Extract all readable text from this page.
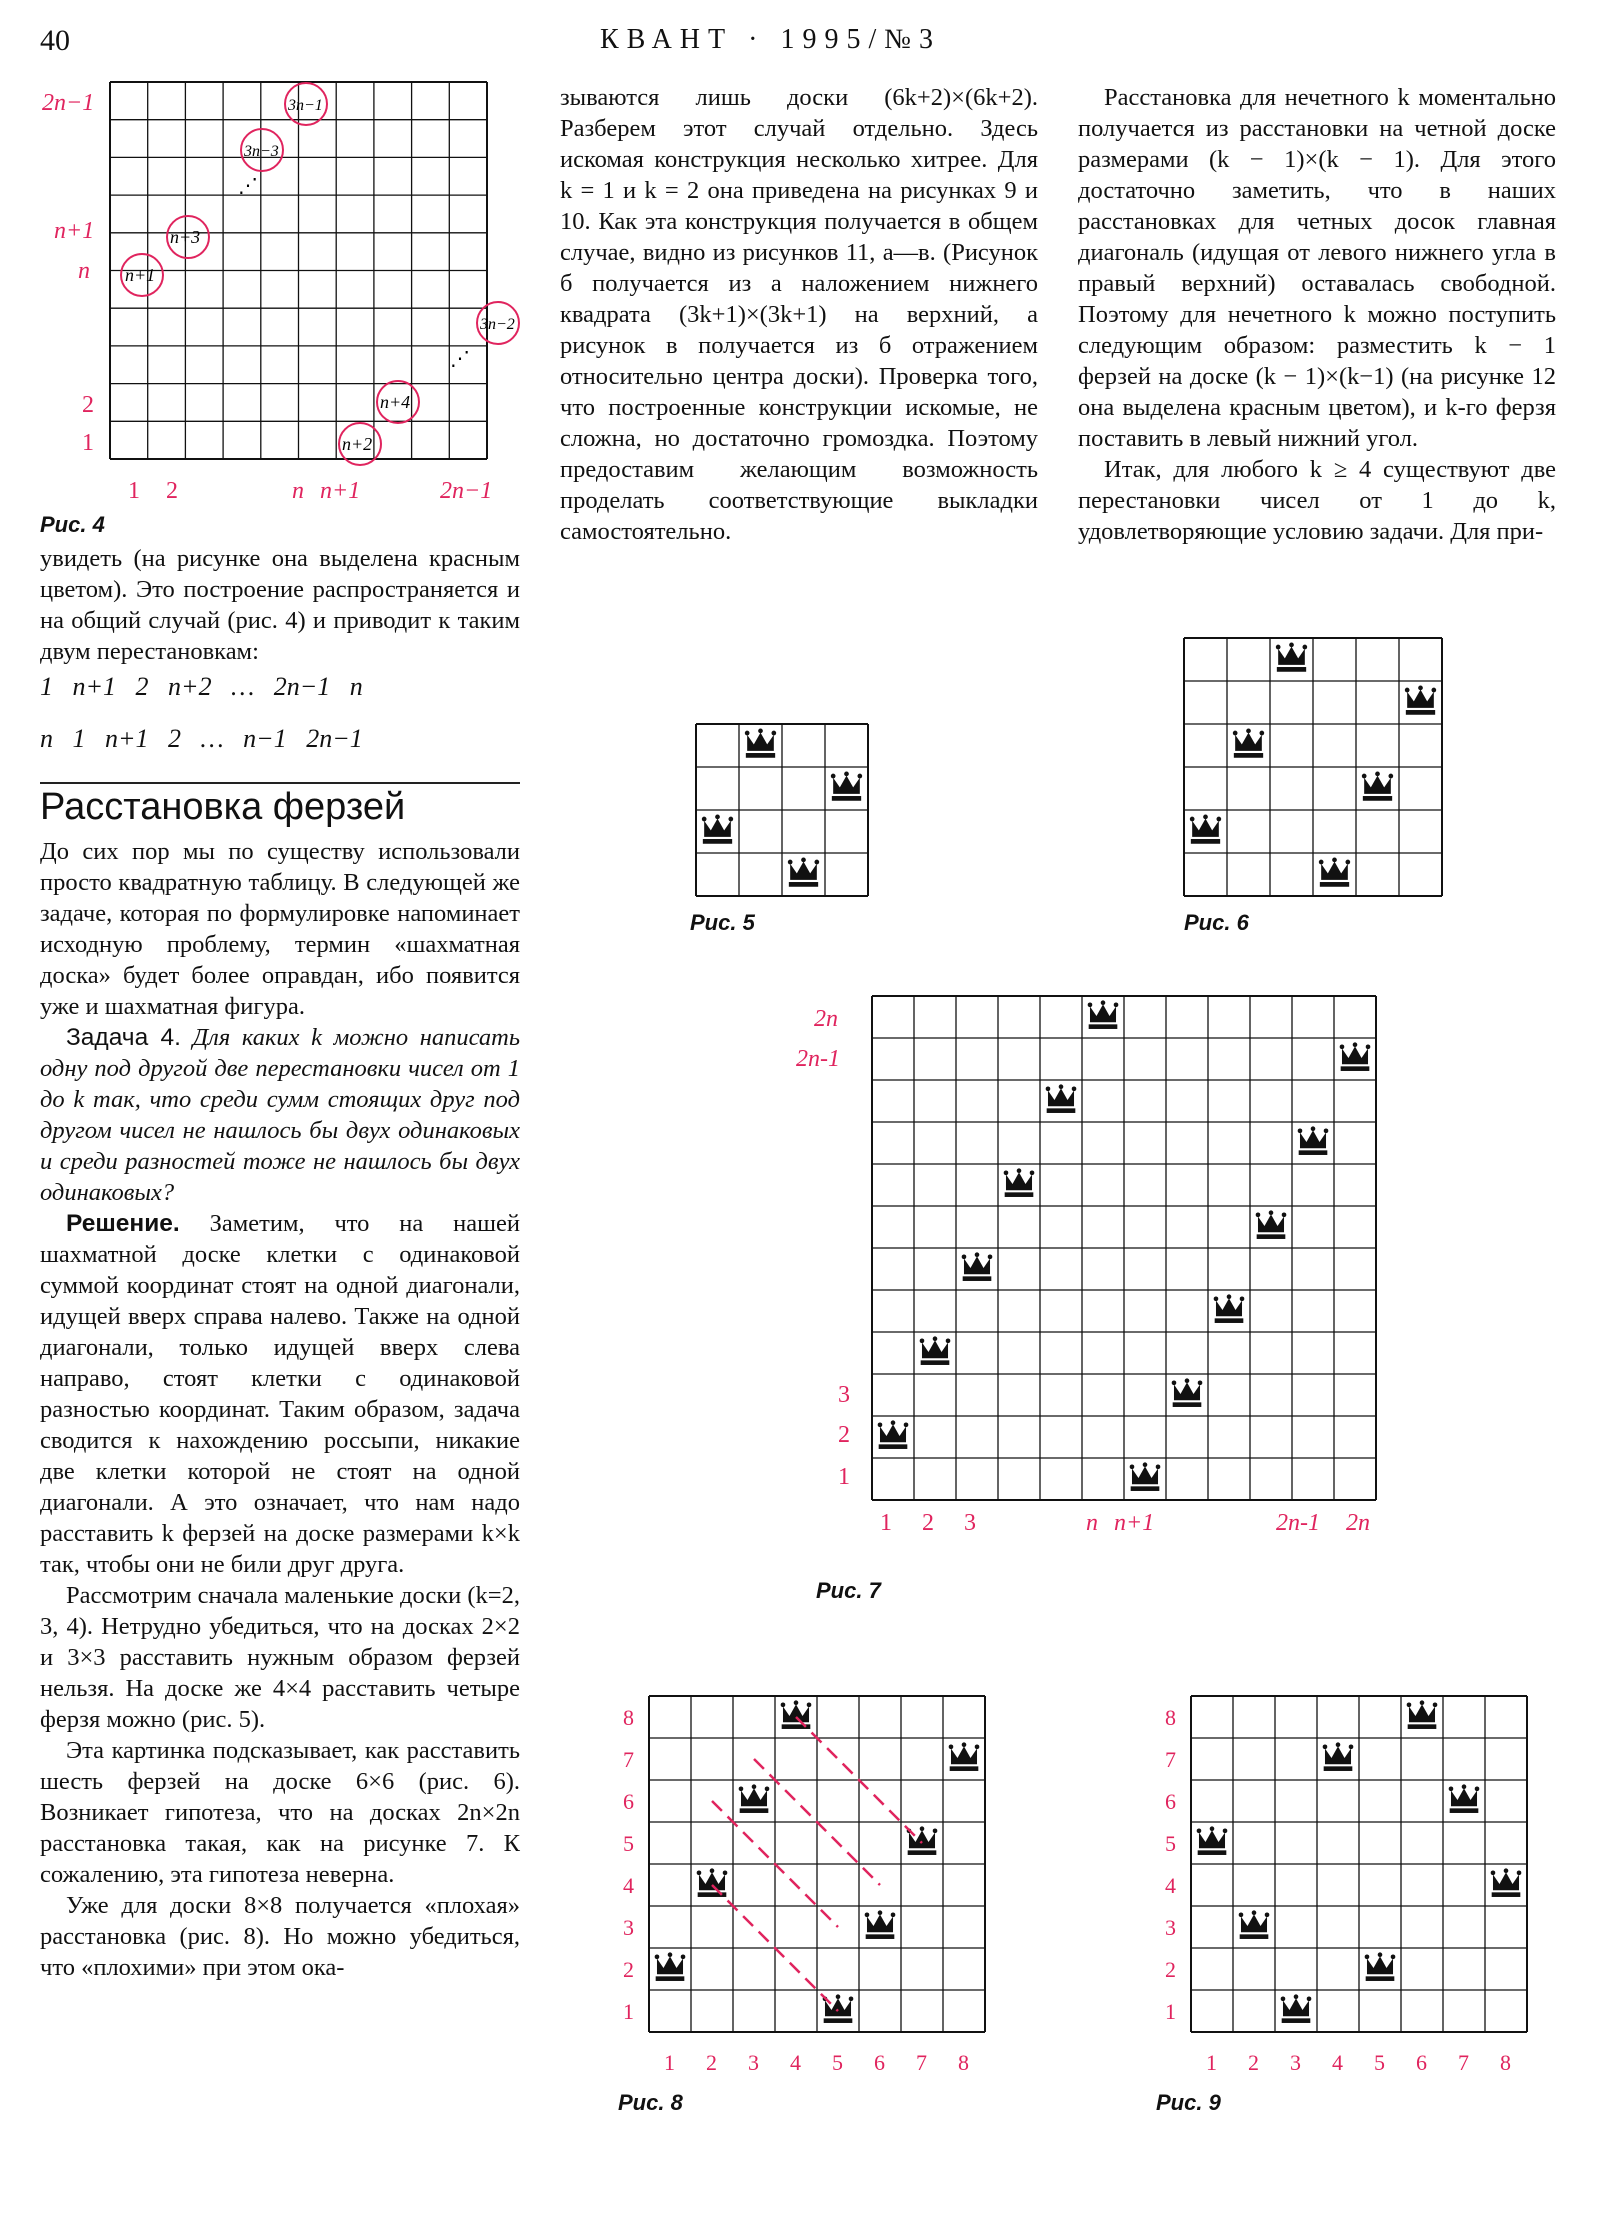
40	КВАНТ · 1995/№3
2n−1
n+1
n
2
1
1 2	n n+1	2n−1
3n−1
3n−3
n+3
n+1
3n−2
n+4
n+2
⋰
⋰
Рис. 4

увидеть (на рисунке она выделена красным цветом). Это построение распространяется и на общий случай (рис. 4) и приводит к таким двум перестановкам:

1   n+1   2   n+2   …   2n−1   n
n   1   n+1   2   …   n−1   2n−1
Расстановка ферзей

До сих пор мы по существу использовали просто квадратную таблицу. В следующей же задаче, которая по формулировке напоминает исходную проблему, термин «шахматная доска» будет более оправдан, ибо появится уже и шахматная фигура.

Задача 4. Для каких k можно написать одну под другой две перестановки чисел от 1 до k так, что среди сумм стоящих друг под другом чисел не нашлось бы двух одинаковых и среди разностей тоже не нашлось бы двух одинаковых?

Решение. Заметим, что на нашей шахматной доске клетки с одинаковой суммой координат стоят на одной диагонали, идущей вверх справа налево. Также на одной диагонали, только идущей вверх слева направо, стоят клетки с одинаковой разностью координат. Таким образом, задача сводится к нахождению россыпи, никакие две клетки которой не стоят на одной диагонали. А это означает, что нам надо расставить k ферзей на доске размерами k×k так, чтобы они не били друг друга.

Рассмотрим сначала маленькие доски (k=2, 3, 4). Нетрудно убедиться, что на досках 2×2 и 3×3 расставить нужным образом ферзей нельзя. На доске же 4×4 расставить четыре ферзя можно (рис. 5).

Эта картинка подсказывает, как расставить шесть ферзей на доске 6×6 (рис. 6). Возникает гипотеза, что на досках 2n×2n расстановка такая, как на рисунке 7. К сожалению, эта гипотеза неверна.

Уже для доски 8×8 получается «плохая» расстановка (рис. 8). Но можно убедиться, что «плохими» при этом ока-

зываются лишь доски (6k+2)×(6k+2). Разберем этот случай отдельно. Здесь искомая конструкция несколько хитрее. Для k = 1 и k = 2 она приведена на рисунках 9 и 10. Как эта конструкция получается в общем случае, видно из рисунков 11, а—в. (Рисунок б получается из а наложением нижнего квадрата (3k+1)×(3k+1) на верхний, а рисунок в получается из б отражением относительно центра доски). Проверка того, что построенные конструкции искомые, не сложна, но достаточно громоздка. Поэтому предоставим желающим возможность проделать соответствующие выкладки самостоятельно.

Расстановка для нечетного k моментально получается из расстановки на четной доске размерами (k − 1)×(k − 1). Для этого достаточно заметить, что в наших расстановках для четных досок главная диагональ (идущая от левого нижнего угла в правый верхний) оставалась свободной. Поэтому для нечетного k можно поступить следующим образом: разместить k − 1 ферзей на доске (k − 1)×(k−1) (на рисунке 12 она выделена красным цветом), и k-го ферзя поставить в левый нижний угол.

Итак, для любого k ≥ 4 существуют две перестановки чисел от 1 до k, удовлетворяющие условию задачи. Для при-

Рис. 5	Рис. 6
2n
2n-1
3
2
1
1 2 3	n n+1	2n-1 2n
Рис. 7
1
1
2
2
3
3
4
4
5
5
6
6
7
7
8
8
Рис. 8
1
1
2
2
3
3
4
4
5
5
6
6
7
7
8
8
Рис. 9
